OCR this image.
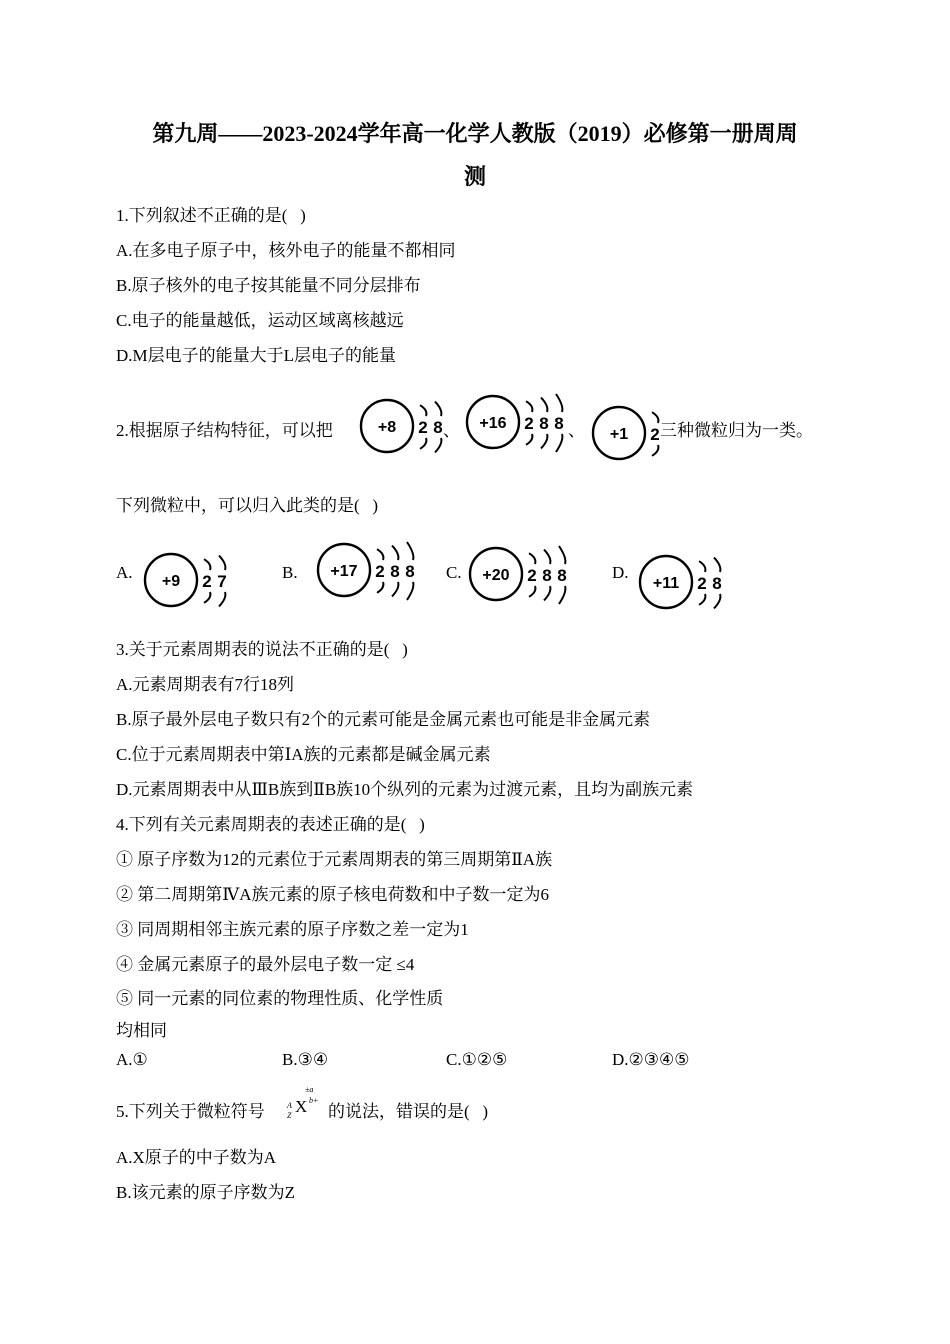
第九周——2023-2024学年高一化学人教版（2019）必修第一册周周
测
1.下列叙述不正确的是(   )
A.在多电子原子中，核外电子的能量不都相同
B.原子核外的电子按其能量不同分层排布
C.电子的能量越低，运动区域离核越远
D.M层电子的能量大于L层电子的能量
2.根据原子结构特征，可以把	+8 2 8 、 +16 2 8 8 、 +1 2 三种微粒归为一类。
下列微粒中，可以归入此类的是(   )
A. +9 2 7	B. +17 2 8 8 C. +20 2 8 8	D.
+11 2 8
3.关于元素周期表的说法不正确的是(   )
A.元素周期表有7行18列
B.原子最外层电子数只有2个的元素可能是金属元素也可能是非金属元素
C.位于元素周期表中第ⅠA族的元素都是碱金属元素
D.元素周期表中从ⅢB族到ⅡB族10个纵列的元素为过渡元素，且均为副族元素
4.下列有关元素周期表的表述正确的是(   )
① 原子序数为12的元素位于元素周期表的第三周期第ⅡA族
② 第二周期第ⅣA族元素的原子核电荷数和中子数一定为6
③ 同周期相邻主族元素的原子序数之差一定为1
④ 金属元素原子的最外层电子数一定 ≤4
⑤ 同一元素的同位素的物理性质、化学性质
均相同
A.①	B.③④	C.①②⑤	D.②③④⑤
5.下列关于微粒符号
±a
A
Z X b+
的说法，错误的是(   )
A.X原子的中子数为A
B.该元素的原子序数为Z
